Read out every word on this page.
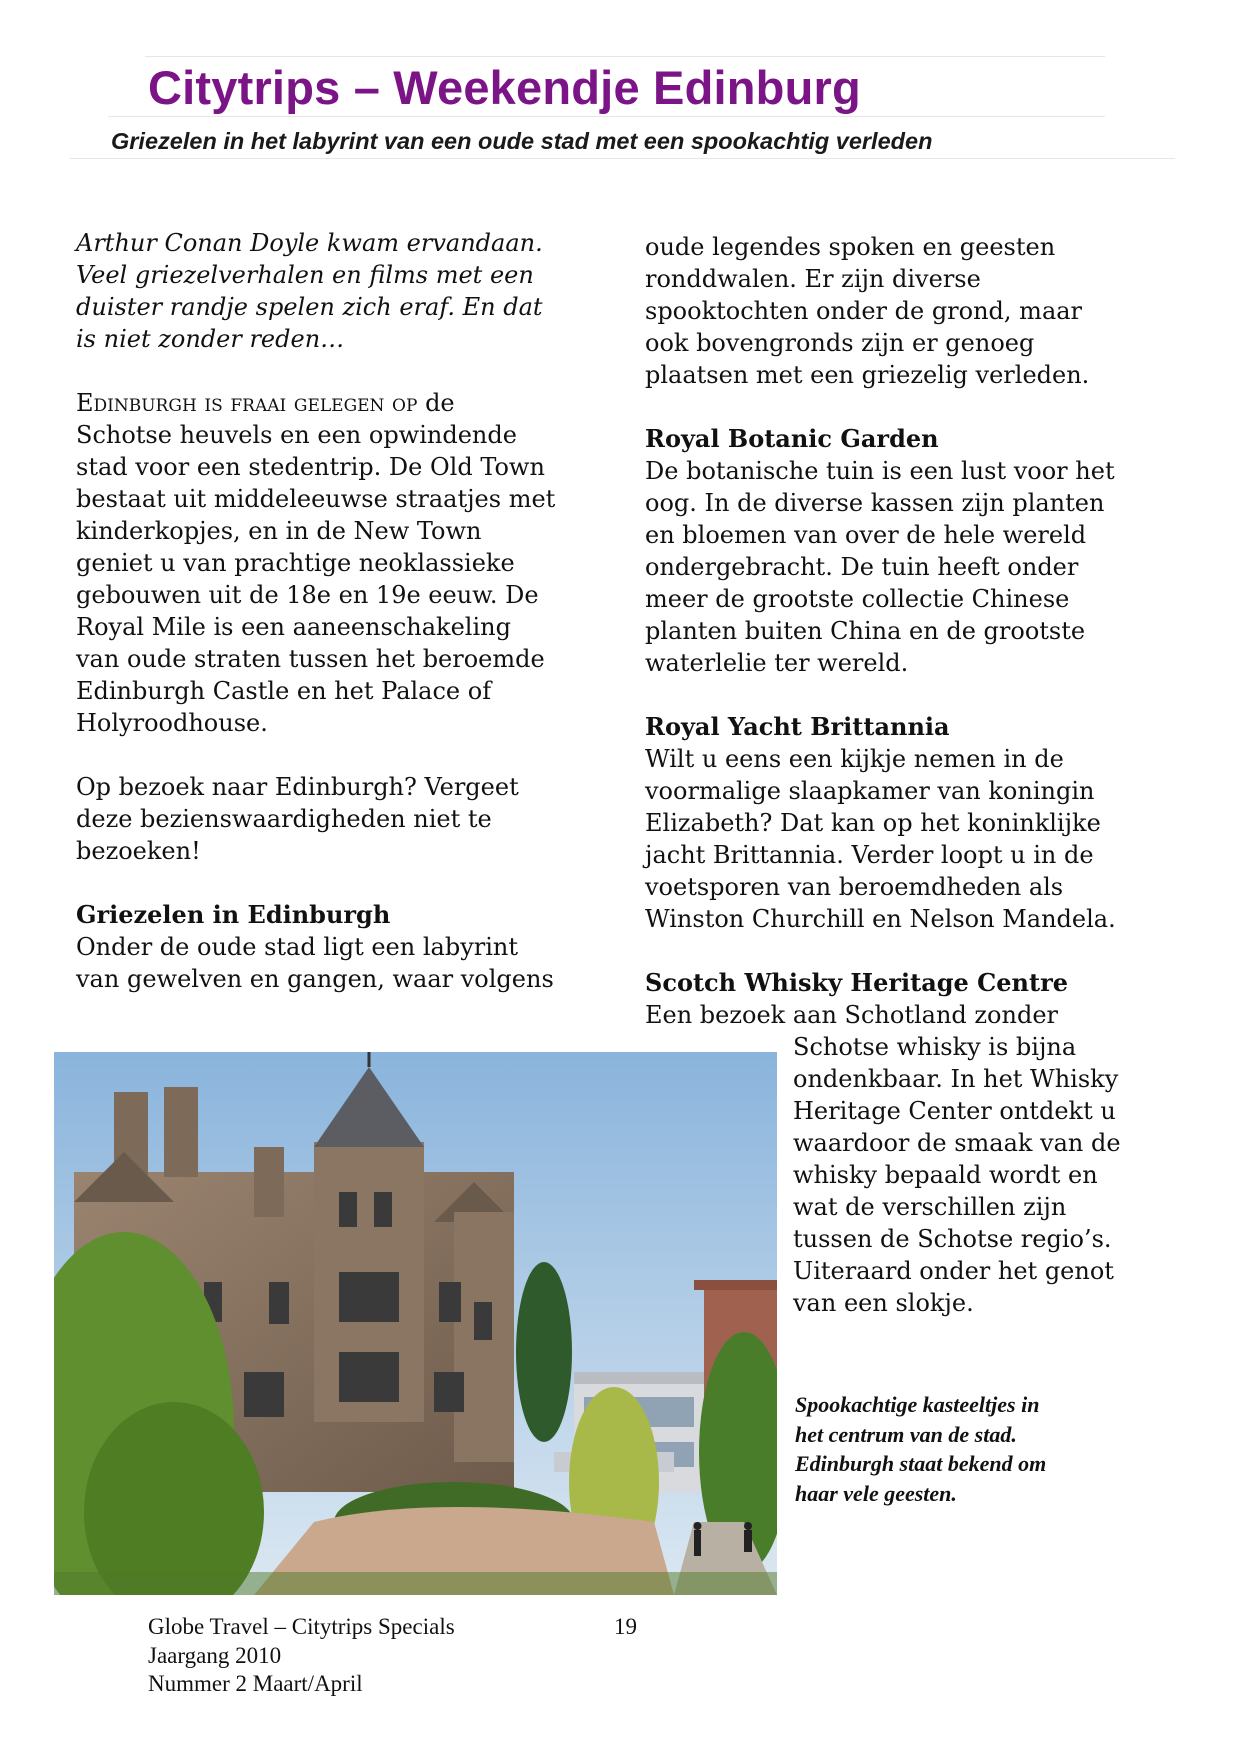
Citytrips – Weekendje Edinburg
Griezelen in het labyrint van een oude stad met een spookachtig verleden

Arthur Conan Doyle kwam ervandaan.
Veel griezelverhalen en films met een
duister randje spelen zich eraf. En dat
is niet zonder reden…

Edinburgh is fraai gelegen op de
Schotse heuvels en een opwindende
stad voor een stedentrip. De Old Town
bestaat uit middeleeuwse straatjes met
kinderkopjes, en in de New Town
geniet u van prachtige neoklassieke
gebouwen uit de 18e en 19e eeuw. De
Royal Mile is een aaneenschakeling
van oude straten tussen het beroemde
Edinburgh Castle en het Palace of
Holyroodhouse.

Op bezoek naar Edinburgh? Vergeet
deze bezienswaardigheden niet te
bezoeken!

Griezelen in Edinburgh

Onder de oude stad ligt een labyrint
van gewelven en gangen, waar volgens

oude legendes spoken en geesten
ronddwalen. Er zijn diverse
spooktochten onder de grond, maar
ook bovengronds zijn er genoeg
plaatsen met een griezelig verleden.

Royal Botanic Garden

De botanische tuin is een lust voor het
oog. In de diverse kassen zijn planten
en bloemen van over de hele wereld
ondergebracht. De tuin heeft onder
meer de grootste collectie Chinese
planten buiten China en de grootste
waterlelie ter wereld.

Royal Yacht Brittannia

Wilt u eens een kijkje nemen in de
voormalige slaapkamer van koningin
Elizabeth? Dat kan op het koninklijke
jacht Brittannia. Verder loopt u in de
voetsporen van beroemdheden als
Winston Churchill en Nelson Mandela.

Scotch Whisky Heritage Centre

Een bezoek aan Schotland zonder

Schotse whisky is bijna
ondenkbaar. In het Whisky
Heritage Center ontdekt u
waardoor de smaak van de
whisky bepaald wordt en
wat de verschillen zijn
tussen de Schotse regio’s.
Uiteraard onder het genot
van een slokje.

Spookachtige kasteeltjes in
het centrum van de stad.
Edinburgh staat bekend om
haar vele geesten.
Globe Travel – Citytrips Specials
Jaargang 2010
Nummer 2 Maart/April
19
